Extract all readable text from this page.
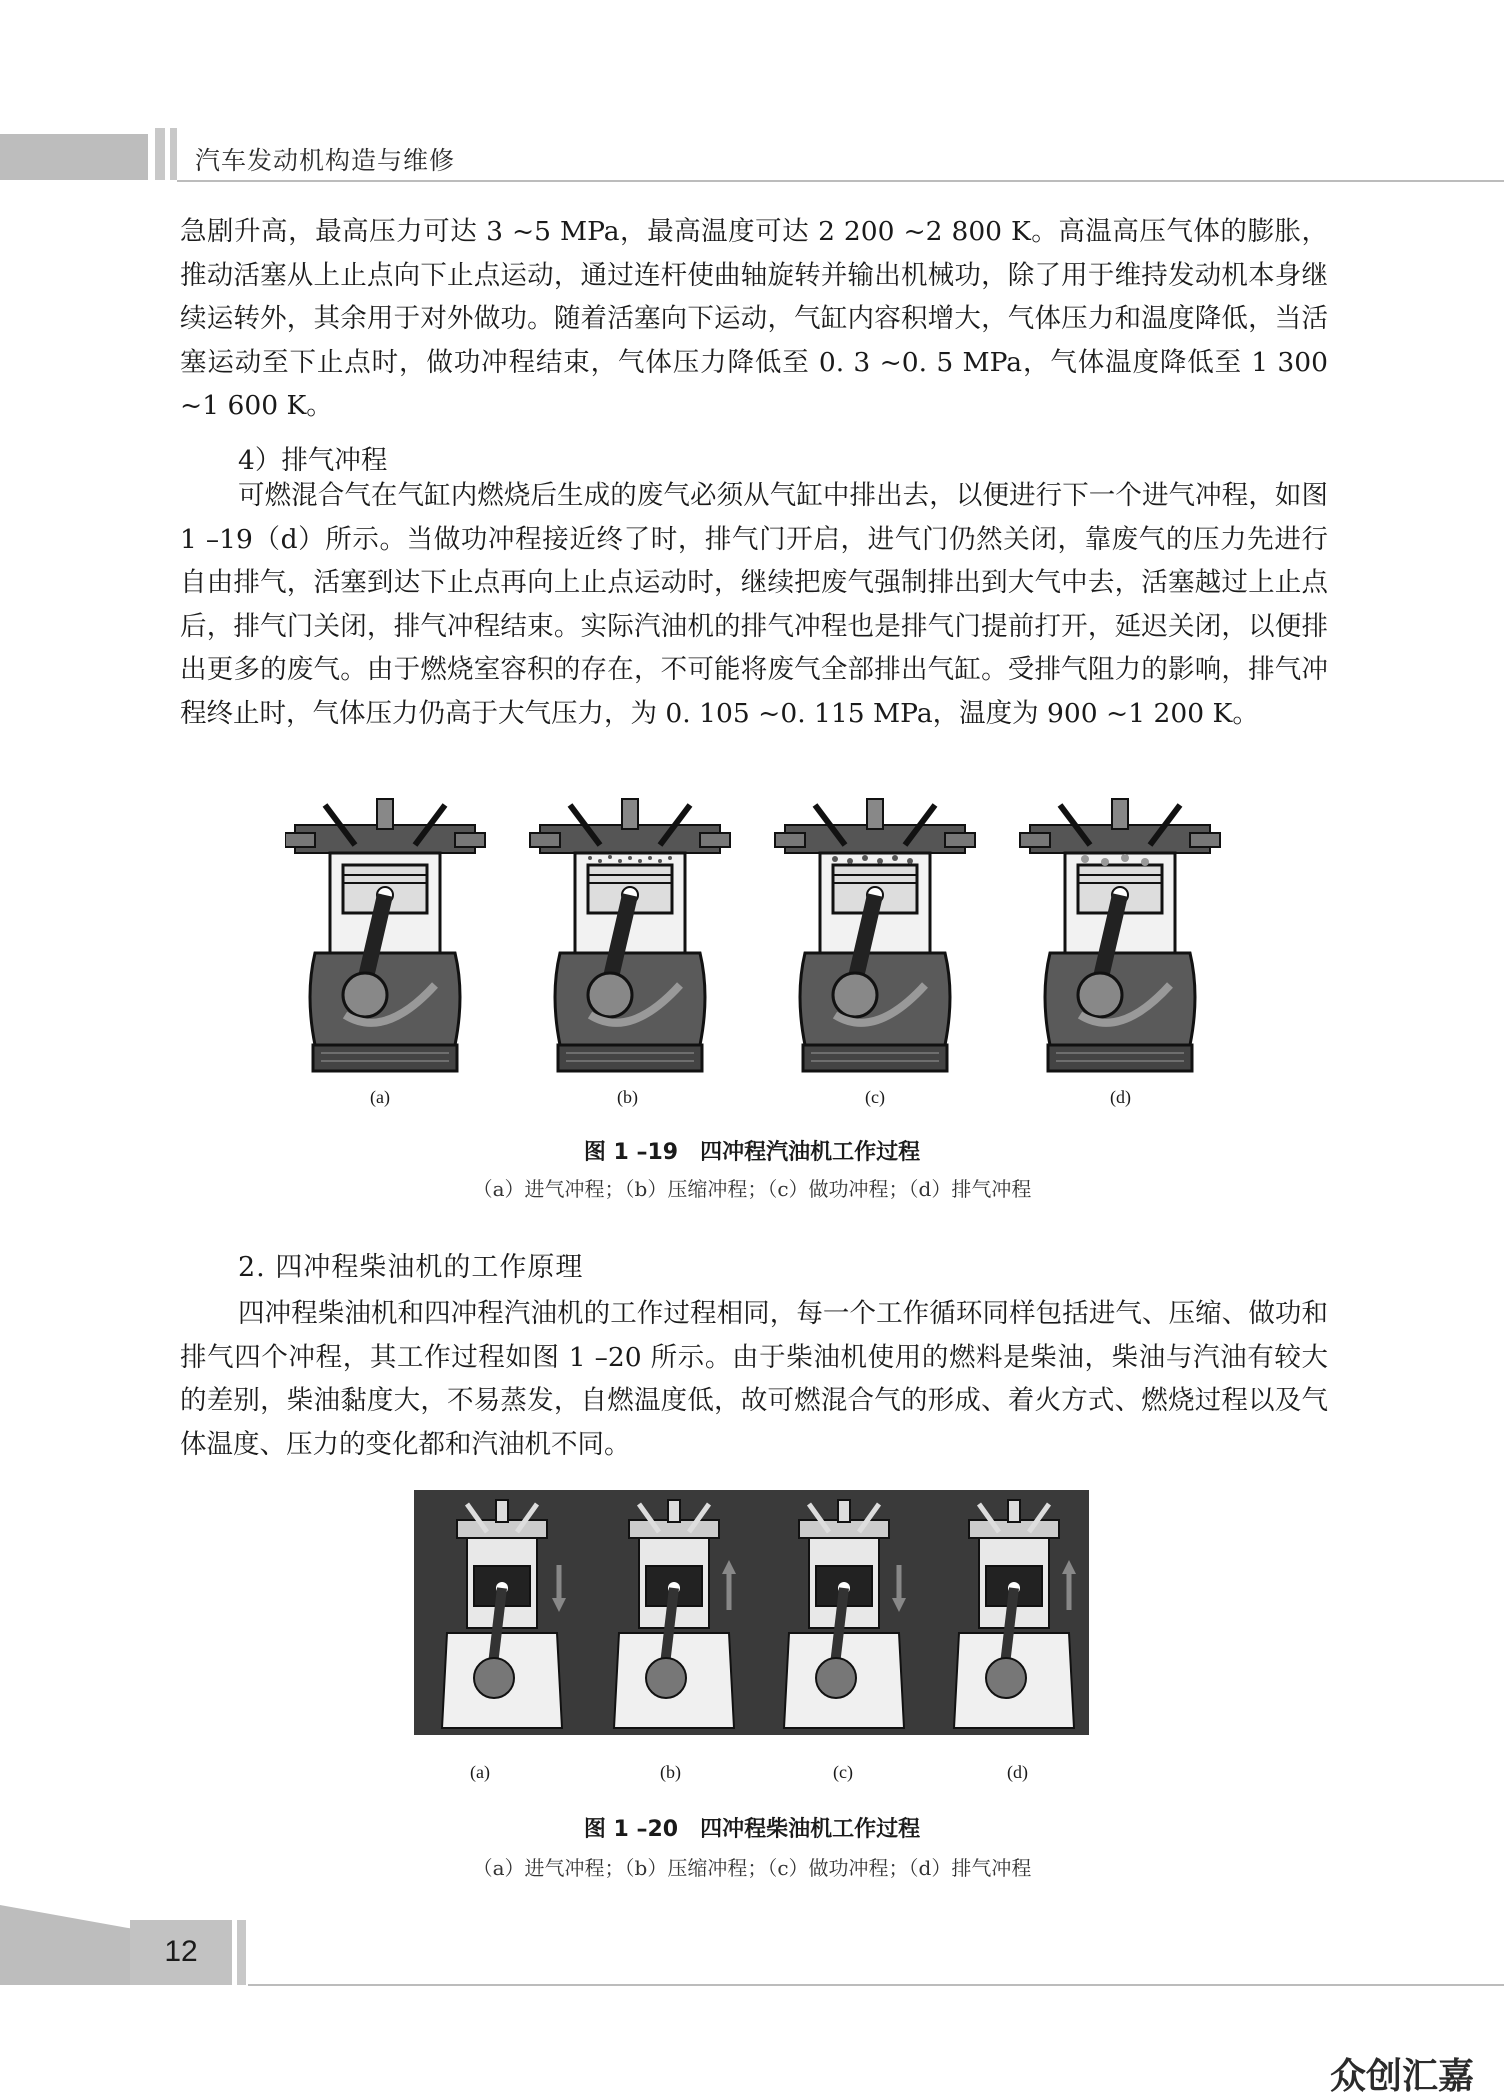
汽车发动机构造与维修

急剧升高，最高压力可达 3 ~5 MPa，最高温度可达 2 200 ~2 800 K。高温高压气体的膨胀，推动活塞从上止点向下止点运动，通过连杆使曲轴旋转并输出机械功，除了用于维持发动机本身继续运转外，其余用于对外做功。随着活塞向下运动，气缸内容积增大，气体压力和温度降低，当活塞运动至下止点时，做功冲程结束，气体压力降低至 0. 3 ~0. 5 MPa，气体温度降低至 1 300 ~1 600 K。

4）排气冲程

可燃混合气在气缸内燃烧后生成的废气必须从气缸中排出去，以便进行下一个进气冲程，如图 1 –19（d）所示。当做功冲程接近终了时，排气门开启，进气门仍然关闭，靠废气的压力先进行自由排气，活塞到达下止点再向上止点运动时，继续把废气强制排出到大气中去，活塞越过上止点后，排气门关闭，排气冲程结束。实际汽油机的排气冲程也是排气门提前打开，延迟关闭，以便排出更多的废气。由于燃烧室容积的存在，不可能将废气全部排出气缸。受排气阻力的影响，排气冲程终止时，气体压力仍高于大气压力，为 0. 105 ~0. 115 MPa，温度为 900 ~1 200 K。

(a)	(b)	(c)	(d)
图 1 –19　四冲程汽油机工作过程
（a）进气冲程；（b）压缩冲程；（c）做功冲程；（d）排气冲程
2. 四冲程柴油机的工作原理

四冲程柴油机和四冲程汽油机的工作过程相同，每一个工作循环同样包括进气、压缩、做功和排气四个冲程，其工作过程如图 1 –20 所示。由于柴油机使用的燃料是柴油，柴油与汽油有较大的差别，柴油黏度大，不易蒸发，自燃温度低，故可燃混合气的形成、着火方式、燃烧过程以及气体温度、压力的变化都和汽油机不同。

(a)	(b)	(c)	(d)
图 1 –20　四冲程柴油机工作过程
（a）进气冲程；（b）压缩冲程；（c）做功冲程；（d）排气冲程
12
众创汇嘉
